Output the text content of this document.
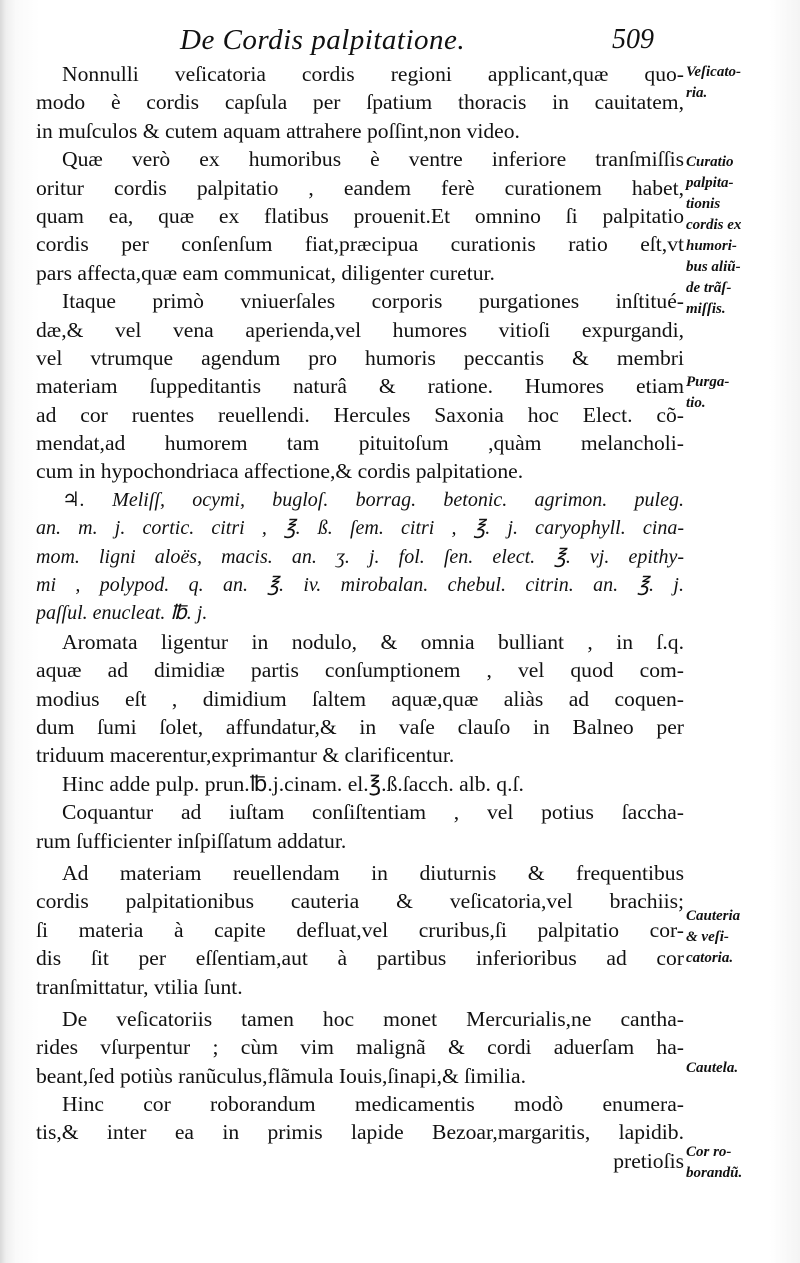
De Cordis palpitatione.	509
Nonnulli veſicatoria cordis regioni applicant,quæ quo-
modo è cordis capſula per ſpatium thoracis in cauitatem,
in muſculos & cutem aquam attrahere poſſint,non video.
Quæ verò ex humoribus è ventre inferiore tranſmiſſis
oritur cordis palpitatio , eandem ferè curationem habet,
quam ea, quæ ex flatibus prouenit.Et omnino ſi palpitatio
cordis per conſenſum fiat,præcipua curationis ratio eſt,vt
pars affecta,quæ eam communicat, diligenter curetur.
Itaque primò vniuerſales corporis purgationes inſtitué-
dæ,& vel vena aperienda,vel humores vitioſi expurgandi,
vel vtrumque agendum pro humoris peccantis & membri
materiam ſuppeditantis naturâ & ratione. Humores etiam
ad cor ruentes reuellendi. Hercules Saxonia hoc Elect. cõ-
mendat,ad humorem tam pituitoſum ,quàm melancholi-
cum in hypochondriaca affectione,& cordis palpitatione.
♃. Meliſſ, ocymi, bugloſ. borrag. betonic. agrimon. puleg.
an. m. j. cortic. citri , ℥. ß. ſem. citri , ℥. j. caryophyll. cina-
mom. ligni aloës, macis. an. ʒ. j. fol. ſen. elect. ℥. vj. epithy-
mi , polypod. q. an. ℥. iv. mirobalan. chebul. citrin. an. ℥. j.
paſſul. enucleat. ℔. j.
Aromata ligentur in nodulo, & omnia bulliant , in ſ.q.
aquæ ad dimidiæ partis conſumptionem , vel quod com-
modius eſt , dimidium ſaltem aquæ,quæ aliàs ad coquen-
dum ſumi ſolet, affundatur,& in vaſe clauſo in Balneo per
triduum macerentur,exprimantur & clarificentur.
Hinc adde pulp. prun.℔.j.cinam. el.℥.ß.ſacch. alb. q.ſ.
Coquantur ad iuſtam conſiſtentiam , vel potius ſaccha-
rum ſufficienter inſpiſſatum addatur.
Ad materiam reuellendam in diuturnis & frequentibus
cordis palpitationibus cauteria & veſicatoria,vel brachiis;
ſi materia à capite defluat,vel cruribus,ſi palpitatio cor-
dis ſit per eſſentiam,aut à partibus inferioribus ad cor
tranſmittatur, vtilia ſunt.
De veſicatoriis tamen hoc monet Mercurialis,ne cantha-
rides vſurpentur ; cùm vim malignã & cordi aduerſam ha-
beant,ſed potiùs ranũculus,flãmula Iouis,ſinapi,& ſimilia.
Hinc cor roborandum medicamentis modò enumera-
tis,& inter ea in primis lapide Bezoar,margaritis, lapidib.
pretioſis
Veſicato-
ria.
Curatio
palpita-
tionis
cordis ex
humori-
bus aliũ-
de trãſ-
miſſis.
Purga-
tio.
Cauteria
& veſi-
catoria.
Cautela.
Cor ro-
borandũ.
